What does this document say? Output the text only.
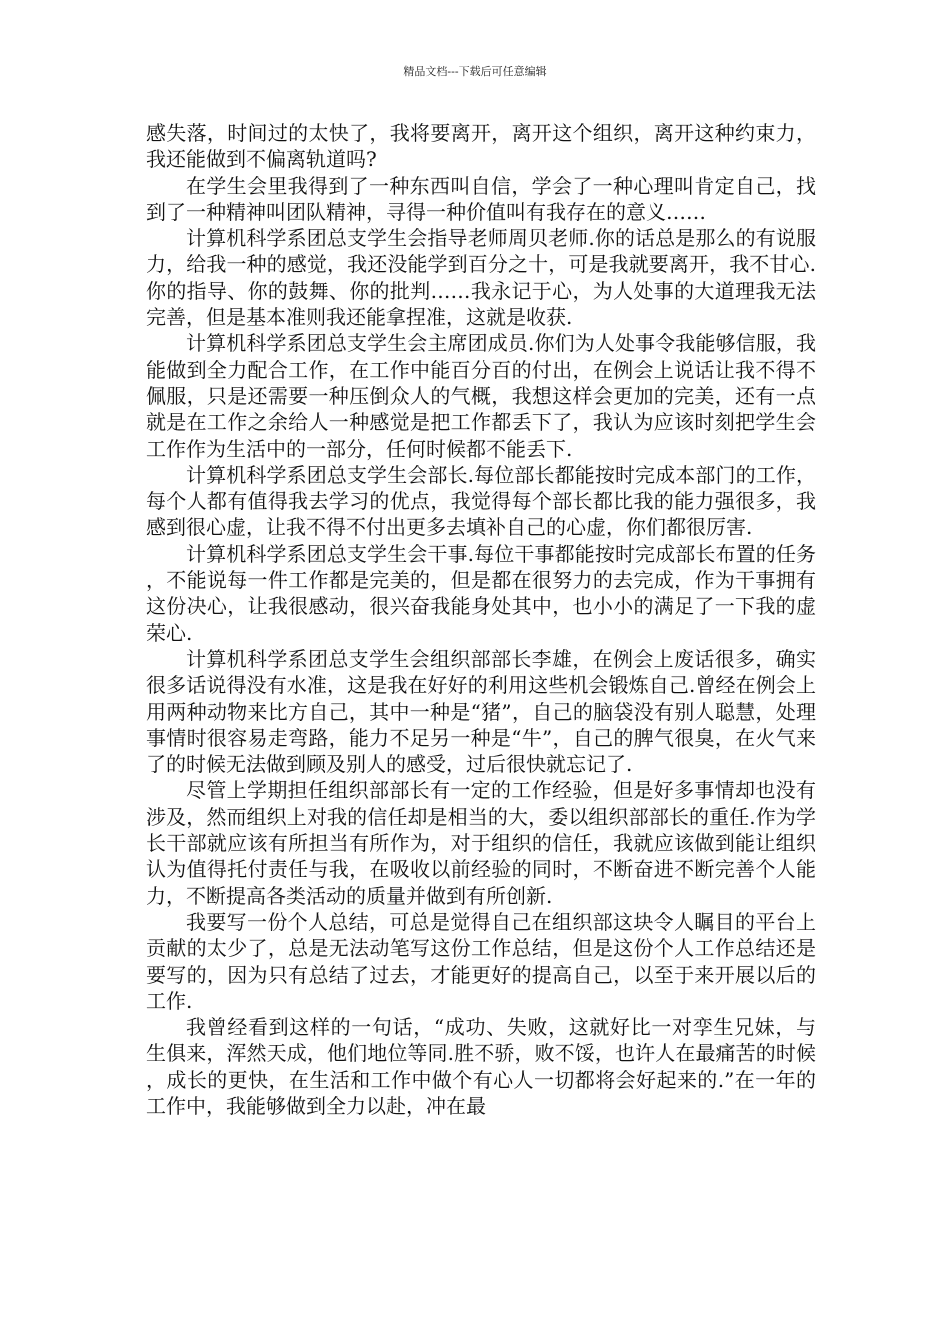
精品文档---下载后可任意编辑

感失落，时间过的太快了，我将要离开，离开这个组织，离开这种约束力，我还能做到不偏离轨道吗?

在学生会里我得到了一种东西叫自信，学会了一种心理叫肯定自己，找到了一种精神叫团队精神，寻得一种价值叫有我存在的意义……

计算机科学系团总支学生会指导老师周贝老师.你的话总是那么的有说服力，给我一种的感觉，我还没能学到百分之十，可是我就要离开，我不甘心.你的指导、你的鼓舞、你的批判……我永记于心，为人处事的大道理我无法完善，但是基本准则我还能拿捏准，这就是收获.

计算机科学系团总支学生会主席团成员.你们为人处事令我能够信服，我能做到全力配合工作，在工作中能百分百的付出，在例会上说话让我不得不佩服，只是还需要一种压倒众人的气概，我想这样会更加的完美，还有一点就是在工作之余给人一种感觉是把工作都丢下了，我认为应该时刻把学生会工作作为生活中的一部分，任何时候都不能丢下.

计算机科学系团总支学生会部长.每位部长都能按时完成本部门的工作，每个人都有值得我去学习的优点，我觉得每个部长都比我的能力强很多，我感到很心虚，让我不得不付出更多去填补自己的心虚，你们都很厉害.

计算机科学系团总支学生会干事.每位干事都能按时完成部长布置的任务，不能说每一件工作都是完美的，但是都在很努力的去完成，作为干事拥有这份决心，让我很感动，很兴奋我能身处其中，也小小的满足了一下我的虚荣心.

计算机科学系团总支学生会组织部部长李雄，在例会上废话很多，确实很多话说得没有水准，这是我在好好的利用这些机会锻炼自己.曾经在例会上用两种动物来比方自己，其中一种是“猪”，自己的脑袋没有别人聪慧，处理事情时很容易走弯路，能力不足另一种是“牛”，自己的脾气很臭，在火气来了的时候无法做到顾及别人的感受，过后很快就忘记了.

尽管上学期担任组织部部长有一定的工作经验，但是好多事情却也没有涉及，然而组织上对我的信任却是相当的大，委以组织部部长的重任.作为学长干部就应该有所担当有所作为，对于组织的信任，我就应该做到能让组织认为值得托付责任与我，在吸收以前经验的同时，不断奋进不断完善个人能力，不断提高各类活动的质量并做到有所创新.

我要写一份个人总结，可总是觉得自己在组织部这块令人瞩目的平台上贡献的太少了，总是无法动笔写这份工作总结，但是这份个人工作总结还是要写的，因为只有总结了过去，才能更好的提高自己，以至于来开展以后的工作.

我曾经看到这样的一句话，“成功、失败，这就好比一对孪生兄妹，与生俱来，浑然天成，他们地位等同.胜不骄，败不馁，也许人在最痛苦的时候，成长的更快，在生活和工作中做个有心人一切都将会好起来的.”在一年的工作中，我能够做到全力以赴，冲在最
